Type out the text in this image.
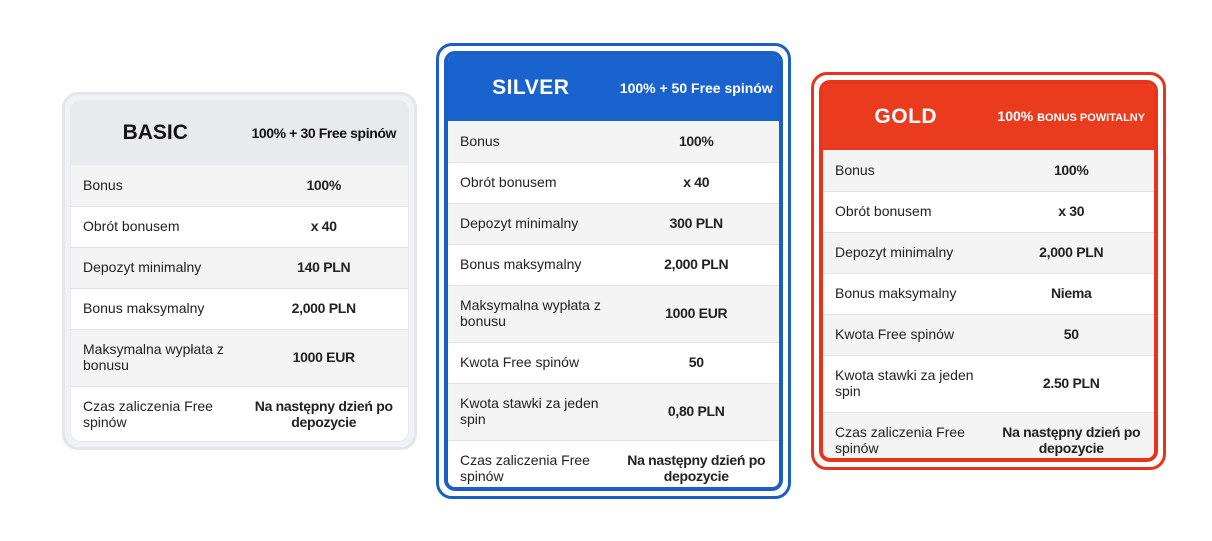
BASIC	100% + 30 Free spinów
Bonus	100%
Obrót bonusem	x 40
Depozyt minimalny	140 PLN
Bonus maksymalny	2,000 PLN
Maksymalna wypłata z bonusu	1000 EUR
Czas zaliczenia Free spinów	Na następny dzień po depozycie
SILVER	100% + 50 Free spinów
Bonus	100%
Obrót bonusem	x 40
Depozyt minimalny	300 PLN
Bonus maksymalny	2,000 PLN
Maksymalna wypłata z bonusu	1000 EUR
Kwota Free spinów	50
Kwota stawki za jeden spin	0,80 PLN
Czas zaliczenia Free spinów	Na następny dzień po depozycie
GOLD	100% BONUS POWITALNY
Bonus	100%
Obrót bonusem	x 30
Depozyt minimalny	2,000 PLN
Bonus maksymalny	Niema
Kwota Free spinów	50
Kwota stawki za jeden spin	2.50 PLN
Czas zaliczenia Free spinów	Na następny dzień po depozycie
